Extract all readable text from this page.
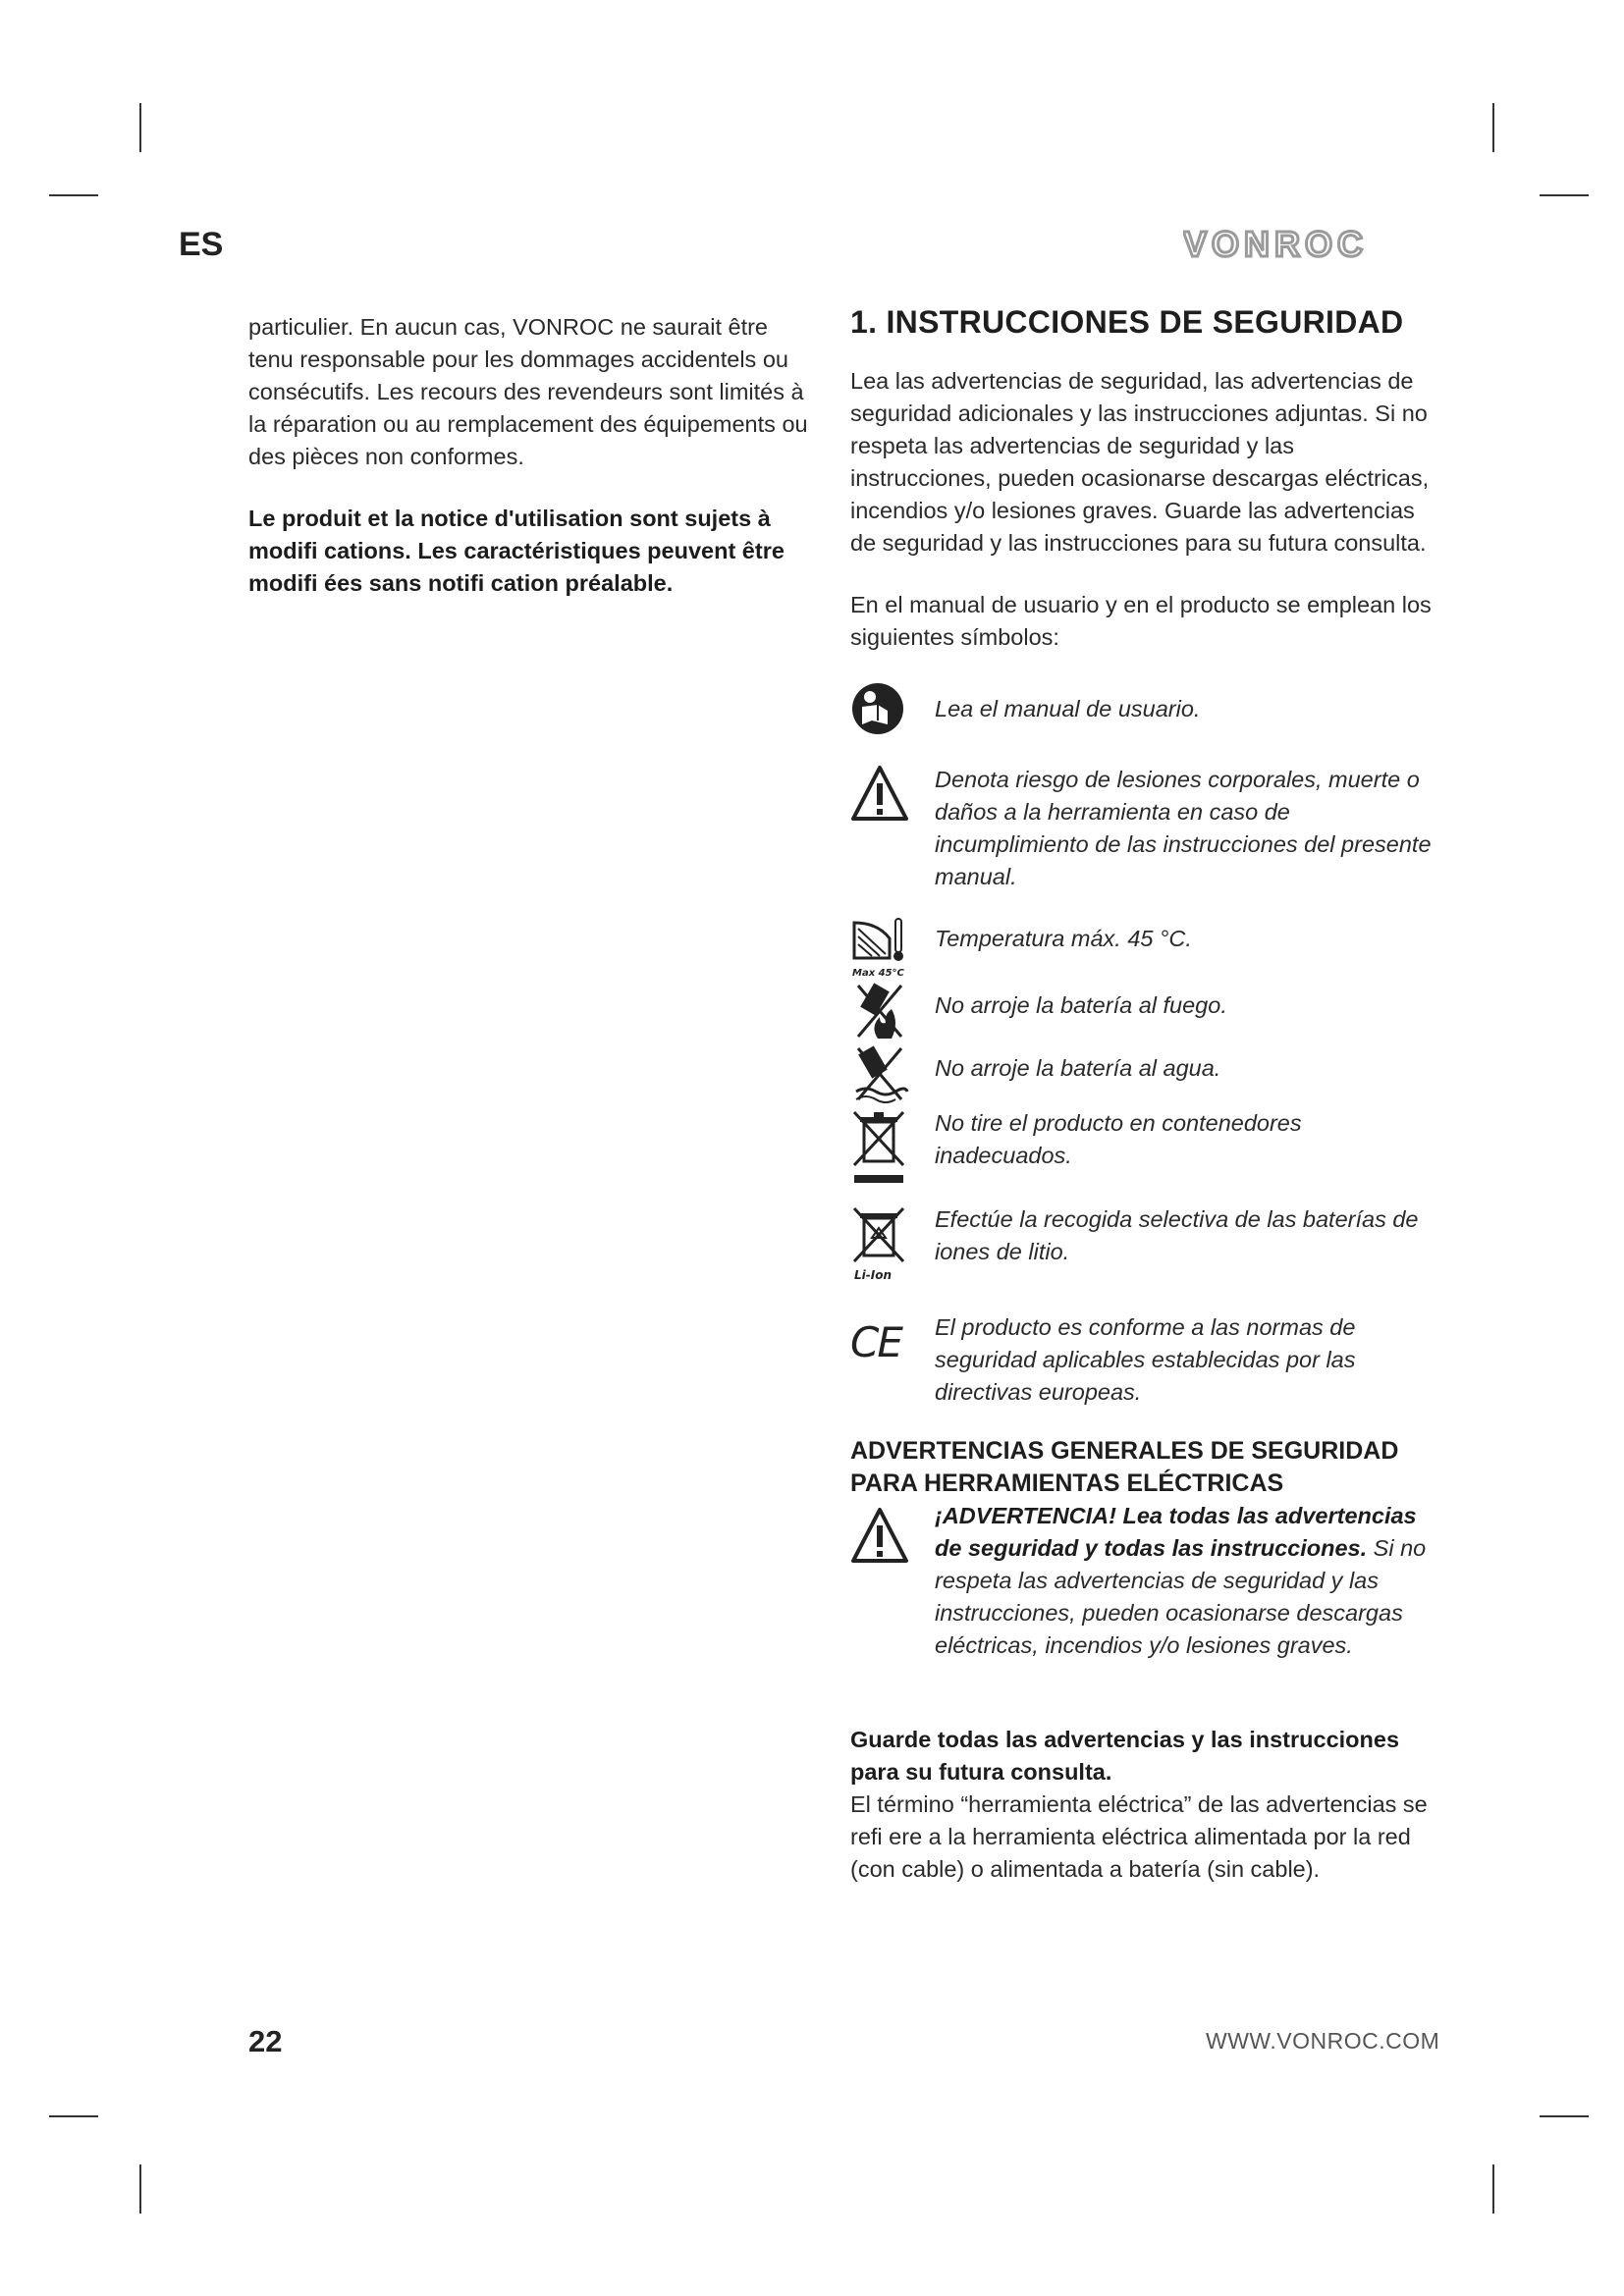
ES	VONROC

particulier. En aucun cas, VONROC ne saurait être tenu responsable pour les dommages accidentels ou consécutifs. Les recours des revendeurs sont limités à la réparation ou au remplacement des équipements ou des pièces non conformes.

Le produit et la notice d'utilisation sont sujets à modifi cations. Les caractéristiques peuvent être modifi ées sans notifi cation préalable.

1. INSTRUCCIONES DE SEGURIDAD

Lea las advertencias de seguridad, las advertencias de seguridad adicionales y las instrucciones adjuntas. Si no respeta las advertencias de seguridad y las instrucciones, pueden ocasionarse descargas eléctricas, incendios y/o lesiones graves. Guarde las advertencias de seguridad y las instrucciones para su futura consulta.

En el manual de usuario y en el producto se emplean los siguientes símbolos:

Lea el manual de usuario.
Denota riesgo de lesiones corporales, muerte o daños a la herramienta en caso de incumplimiento de las instrucciones del presente manual.
Max 45°C
Temperatura máx. 45 °C.
No arroje la batería al fuego.
No arroje la batería al agua.
No tire el producto en contenedores inadecuados.
Li-Ion
Efectúe la recogida selectiva de las baterías de iones de litio.
CE El producto es conforme a las normas de seguridad aplicables establecidas por las directivas europeas.
ADVERTENCIAS GENERALES DE SEGURIDAD PARA HERRAMIENTAS ELÉCTRICAS
¡ADVERTENCIA! Lea todas las advertencias de seguridad y todas las instrucciones. Si no respeta las advertencias de seguridad y las instrucciones, pueden ocasionarse descargas eléctricas, incendios y/o lesiones graves.

Guarde todas las advertencias y las instrucciones para su futura consulta.

El término “herramienta eléctrica” de las advertencias se refi ere a la herramienta eléctrica alimentada por la red (con cable) o alimentada a batería (sin cable).

22	WWW.VONROC.COM
